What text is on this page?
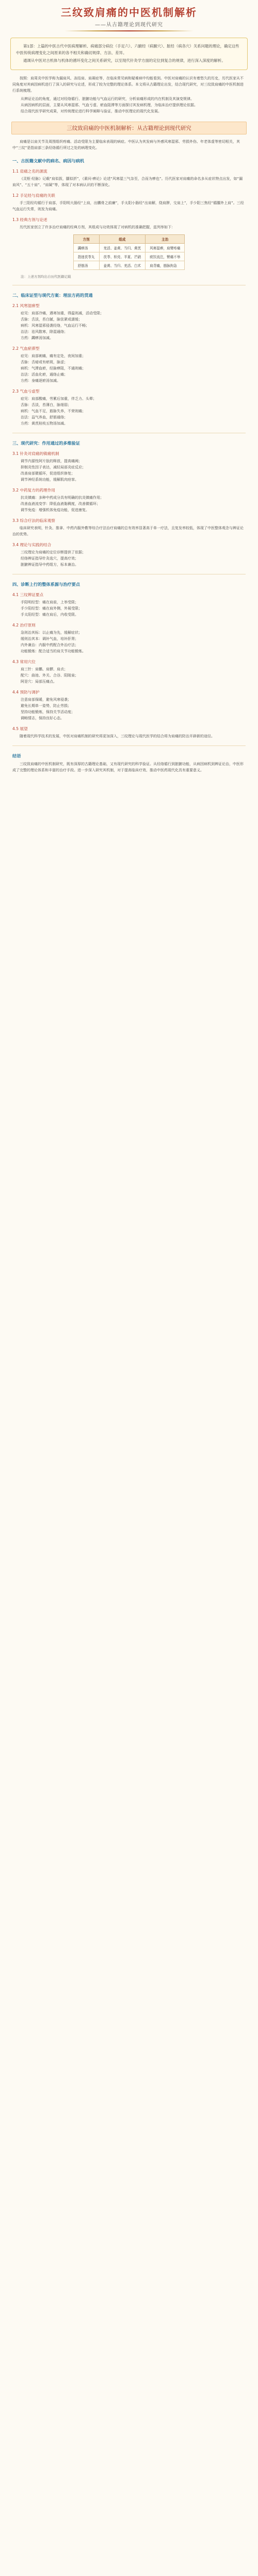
三纹致肩痛的中医机制解析
——从古籍理论到现代研究

第1部：上篇的中医古代中医病理解析、病痛部分病位（手足六）、六腑经（病腑穴）、脏经（病各穴）关系问题的理论，确定这些中医传统病理变化之间原来的各不相关和确切规律、方法、差异。

通调从中医对古机体与机体的循环变化之间关系研究，以至现代针灸学方面的定位到复合的规律，进行深入深度的解析。

按照：肩周炎中医学称为漏肩风、冻结肩、肩凝症等，在临床常见病和疑难病中均能看到。中医对肩痛的认识有着悠久的历史，历代医家从不同角度对其病因病机进行了深入的研究与论述，形成了较为完整的理论体系。本文将从古籍理论出发，结合现代研究，对三纹致肩痛的中医机制进行系统梳理。

从辨证论治的角度，通过对经络循行、脏腑功能与气血运行的研究，分析肩痛形成的内在机制及其演变规律。
从病因病机的层面，主要从风寒湿邪、气血亏虚、瘀血阻滞等方面探讨其发病机理，为临床治疗提供理论依据。
结合现代医学研究成果，对传统理论进行科学阐释与验证，推动中医理论的现代化发展。
三纹致肩痛的中医机制解析：从古籍理论到现代研究

肩痛是以肩关节及周围组织疼痛、活动受限为主要临床表现的病症。中医认为其发病与外感风寒湿邪、劳损外伤、年老体虚等密切相关，其中“三纹”是指肩部三条经络循行所过之处的病理变化。

一、古医籍文献中的病名、病因与病机
1.1 肩痛之名的源流

《灵枢·经脉》记载“肩似拔，臑似折”，《素问·痹论》论述“风寒湿三气杂至，合而为痹也”。历代医家对肩痛的命名多从症状特点出发，如“漏肩风”、“五十肩”、“肩凝”等，体现了对本病认识的不断深化。

1.2 手足经与肩痛的关联

手三阳经均循行于肩部，手阳明大肠经“上肩，出髃骨之前廉”，手太阳小肠经“出肩解，绕肩胛，交肩上”，手少阳三焦经“循臑外上肩”。三经气血运行失常，则发为肩痛。

1.3 经典方剂与论述

历代医家创立了许多治疗肩痛的经典方剂，其组成与功效体现了对病机的准确把握，兹列举如下：

方剂	组成	主治
蠲痹汤	羌活、姜黄、当归、黄芪	风寒湿痹，肩臂疼痛
指迷茯苓丸	茯苓、枳壳、半夏、芒硝	痰饮流注，臂痛不举
舒筋汤	姜黄、当归、羌活、白术	肩背痛，筋脉拘急
注：上述方剂均出自历代医籍记载
二、临床证型与现代方案：理法方药的贯通
2.1 风寒湿痹型
症见：肩部冷痛，遇寒加重，得温则减，活动受限；
舌脉：舌淡，苔白腻，脉弦紧或濡缓；
病机：风寒湿邪侵袭经络，气血运行不畅；
治法：祛风散寒，除湿通络；
方药：蠲痹汤加减。
2.2 气血瘀滞型
症见：肩部刺痛，痛有定处，夜间加重；
舌脉：舌暗或有瘀斑，脉涩；
病机：气滞血瘀，经脉痹阻，不通则痛；
治法：活血化瘀，通络止痛；
方药：身痛逐瘀汤加减。
2.3 气血亏虚型
症见：肩部酸痛，劳累后加重，伴乏力、头晕；
舌脉：舌淡，苔薄白，脉细弱；
病机：气血不足，筋脉失养，不荣则痛；
治法：益气养血，舒筋通络；
方药：黄芪桂枝五物汤加减。
三、现代研究：作用通过的多维验证
3.1 针灸对肩痛的镇痛机制
调节内源性阿片肽的释放，提高痛阈；
抑制炎性因子表达，减轻局部炎症反应；
改善肩部微循环，促进组织修复；
调节神经系统功能，缓解肌肉痉挛。
3.2 中药复方的药理作用
抗炎镇痛：多种中药成分具有明确的抗炎镇痛作用；
改善血液流变学：降低血液黏稠度，改善微循环；
调节免疫：增强机体免疫功能，促进康复。
3.3 综合疗法的临床观察

临床研究表明，针灸、推拿、中药内服外敷等综合疗法治疗肩痛的总有效率显著高于单一疗法，且复发率较低，体现了中医整体观念与辨证论治的优势。

3.4 理论与实践的结合
三纹理论为肩痛的定位诊断提供了依据；
经络辨证指导针灸选穴，提高疗效；
脏腑辨证指导中药组方，标本兼治。
四、诊断上行的整体系源与治疗要点
4.1 三纹辨证要点
手阳明经型：痛在肩前，上举受限；
手少阳经型：痛在肩外侧，外展受限；
手太阳经型：痛在肩后，内收受限。
4.2 治疗原则
急则治其标：以止痛为先，缓解症状；
缓则治其本：调补气血，培补肝肾；
内外兼治：内服中药配合外治疗法；
功能锻炼：配合适当的肩关节功能锻炼。
4.3 常用穴位
肩三针：肩髃、肩髎、肩贞；
配穴：曲池、外关、合谷、阳陵泉；
阿是穴：局部压痛点。
4.4 预防与调护
注意肩部保暖，避免风寒侵袭；
避免长期单一姿势，防止劳损；
坚持功能锻炼，保持关节活动度；
调畅情志，保持良好心态。
4.5 展望

随着现代科学技术的发展，中医对肩痛机制的研究将更加深入，三纹理论与现代医学的结合将为肩痛的防治开辟新的途径。

结语

三纹致肩痛的中医机制研究，既有深厚的古籍理论基础，又有现代研究的科学验证。从经络循行到脏腑功能，从病因病机到辨证论治，中医形成了完整的理论体系和丰富的治疗手段。进一步深入研究其机制，对于提高临床疗效、推动中医药现代化具有重要意义。
